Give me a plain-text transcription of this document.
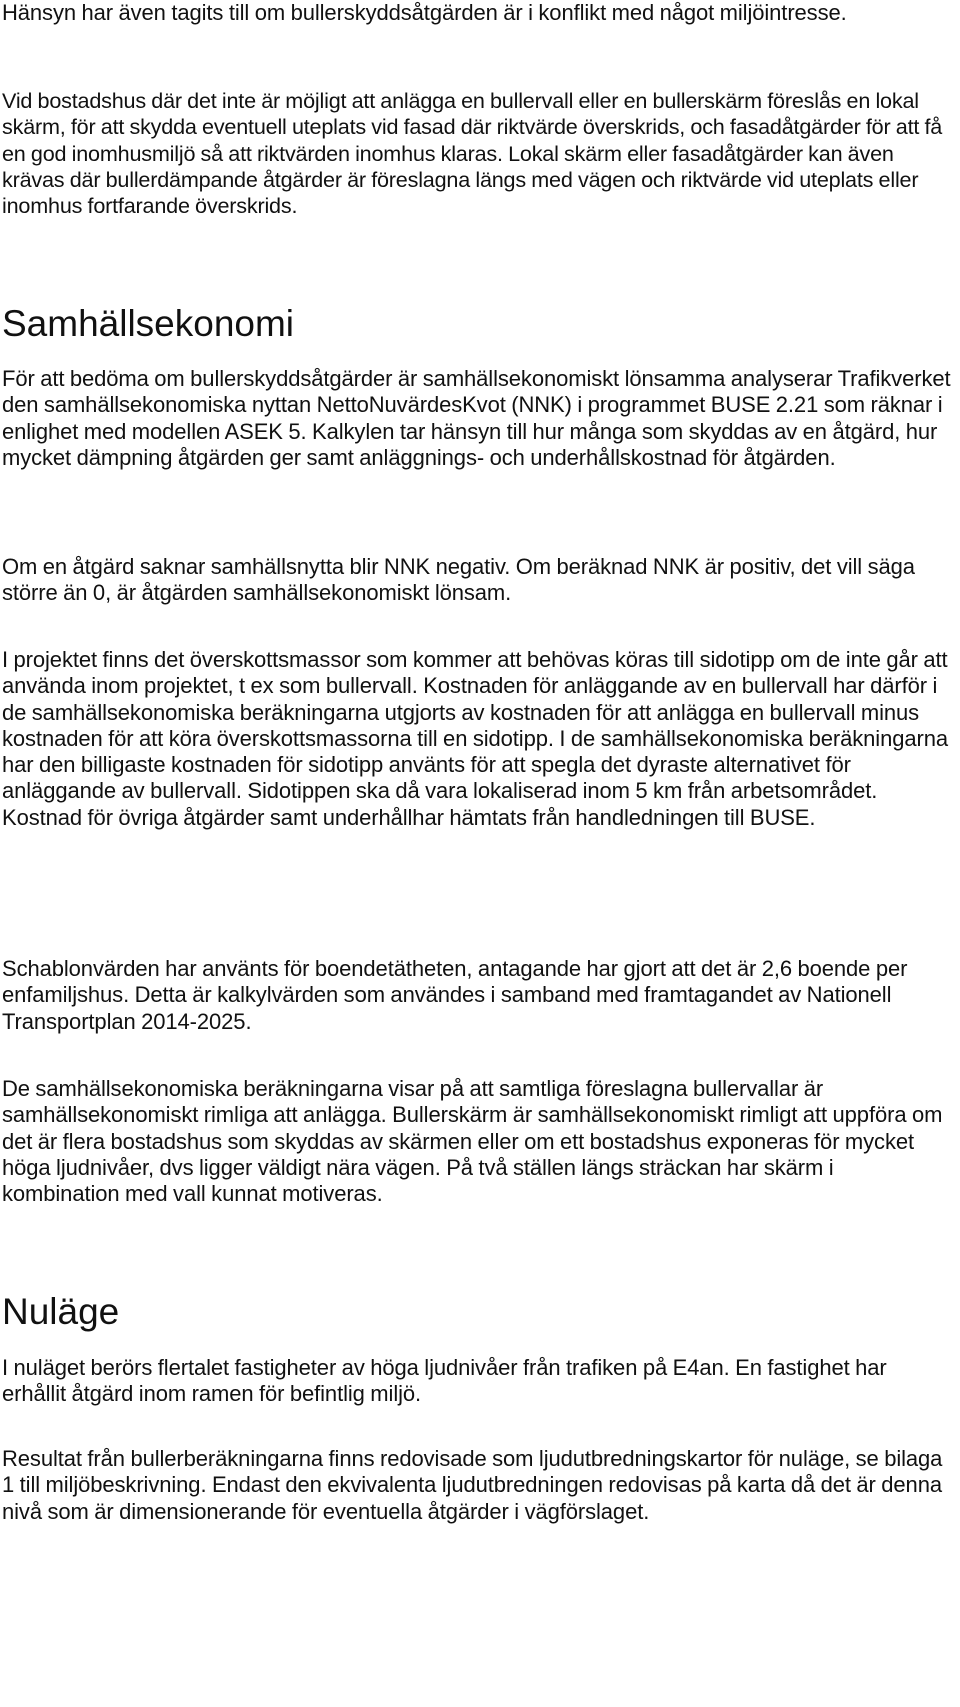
Hänsyn har även tagits till om bullerskyddsåtgärden är i konflikt med något miljöintresse.

Vid bostadshus där det inte är möjligt att anlägga en bullervall eller en bullerskärm föreslås en lokal skärm, för att skydda eventuell uteplats vid fasad där riktvärde överskrids, och fasadåtgärder för att få en god inomhusmiljö så att riktvärden inomhus klaras. Lokal skärm eller fasadåtgärder kan även krävas där bullerdämpande åtgärder är föreslagna längs med vägen och riktvärde vid uteplats eller inomhus fortfarande överskrids.

Samhällsekonomi

För att bedöma om bullerskyddsåtgärder är samhällsekonomiskt lönsamma analyserar Trafikverket den samhällsekonomiska nyttan NettoNuvärdesKvot (NNK) i programmet BUSE 2.21 som räknar i enlighet med modellen ASEK 5. Kalkylen tar hänsyn till hur många som skyddas av en åtgärd, hur mycket dämpning åtgärden ger samt anläggnings- och underhållskostnad för åtgärden.

Om en åtgärd saknar samhällsnytta blir NNK negativ. Om beräknad NNK är positiv, det vill säga större än 0, är åtgärden samhällsekonomiskt lönsam.

I projektet finns det överskottsmassor som kommer att behövas köras till sidotipp om de inte går att använda inom projektet, t ex som bullervall. Kostnaden för anläggande av en bullervall har därför i de samhällsekonomiska beräkningarna utgjorts av kostnaden för att anlägga en bullervall minus kostnaden för att köra överskottsmassorna till en sidotipp. I de samhällsekonomiska beräkningarna har den billigaste kostnaden för sidotipp använts för att spegla det dyraste alternativet för anläggande av bullervall. Sidotippen ska då vara lokaliserad inom 5 km från arbetsområdet. Kostnad för övriga åtgärder samt underhållhar hämtats från handledningen till BUSE.

Schablonvärden har använts för boendetätheten, antagande har gjort att det är 2,6 boende per enfamiljshus. Detta är kalkylvärden som användes i samband med framtagandet av Nationell Transportplan 2014-2025.

De samhällsekonomiska beräkningarna visar på att samtliga föreslagna bullervallar är samhällsekonomiskt rimliga att anlägga. Bullerskärm är samhällsekonomiskt rimligt att uppföra om det är flera bostadshus som skyddas av skärmen eller om ett bostadshus exponeras för mycket höga ljudnivåer, dvs ligger väldigt nära vägen. På två ställen längs sträckan har skärm i kombination med vall kunnat motiveras.

Nuläge

I nuläget berörs flertalet fastigheter av höga ljudnivåer från trafiken på E4an. En fastighet har erhållit åtgärd inom ramen för befintlig miljö.

Resultat från bullerberäkningarna finns redovisade som ljudutbredningskartor för nuläge, se bilaga 1 till miljöbeskrivning. Endast den ekvivalenta ljudutbredningen redovisas på karta då det är denna nivå som är dimensionerande för eventuella åtgärder i vägförslaget.
